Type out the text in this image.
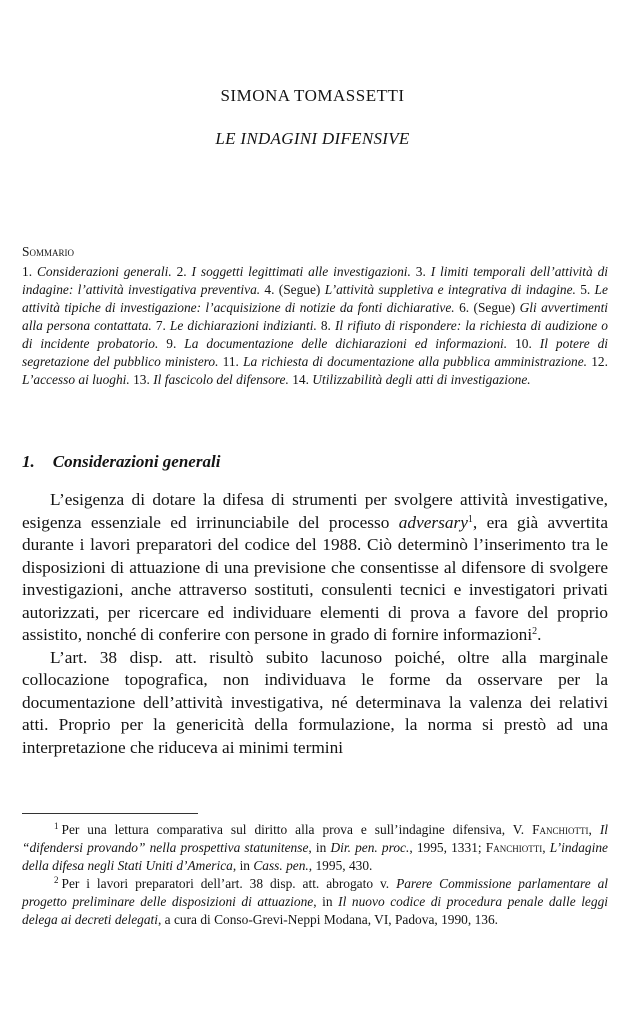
SIMONA TOMASSETTI
LE INDAGINI DIFENSIVE
Sommario
1. Considerazioni generali. 2. I soggetti legittimati alle investigazioni. 3. I limiti temporali dell’attività di indagine: l’attività investigativa preventiva. 4. (Segue) L’attività suppletiva e integrativa di indagine. 5. Le attività tipiche di investigazione: l’acquisizione di notizie da fonti dichiarative. 6. (Segue) Gli avvertimenti alla persona contattata. 7. Le dichiarazioni indizianti. 8. Il rifiuto di rispondere: la richiesta di audizione o di incidente probatorio. 9. La documentazione delle dichiarazioni ed informazioni. 10. Il potere di segretazione del pubblico ministero. 11. La richiesta di documentazione alla pubblica amministrazione. 12. L’accesso ai luoghi. 13. Il fascicolo del difensore. 14. Utilizzabilità degli atti di investigazione.
1. Considerazioni generali

L’esigenza di dotare la difesa di strumenti per svolgere attività investigative, esigenza essenziale ed irrinunciabile del processo adversary$^1$, era già avvertita durante i lavori preparatori del codice del 1988. Ciò determinò l’inserimento tra le disposizioni di attuazione di una previsione che consentisse al difensore di svolgere investigazioni, anche attraverso sostituti, consulenti tecnici e investigatori privati autorizzati, per ricercare ed individuare elementi di prova a favore del proprio assistito, nonché di conferire con persone in grado di fornire informazioni$^2$.

L’art. 38 disp. att. risultò subito lacunoso poiché, oltre alla marginale collocazione topografica, non individuava le forme da osservare per la documentazione dell’attività investigativa, né determinava la valenza dei relativi atti. Proprio per la genericità della formulazione, la norma si prestò ad una interpretazione che riduceva ai minimi termini

$^1$ Per una lettura comparativa sul diritto alla prova e sull’indagine difensiva, V. Fanchiotti, Il “difendersi provando” nella prospettiva statunitense, in Dir. pen. proc., 1995, 1331; Fanchiotti, L’indagine della difesa negli Stati Uniti d’America, in Cass. pen., 1995, 430.

$^2$ Per i lavori preparatori dell’art. 38 disp. att. abrogato v. Parere Commissione parlamentare al progetto preliminare delle disposizioni di attuazione, in Il nuovo codice di procedura penale dalle leggi delega ai decreti delegati, a cura di Conso-Grevi-Neppi Modana, VI, Padova, 1990, 136.
